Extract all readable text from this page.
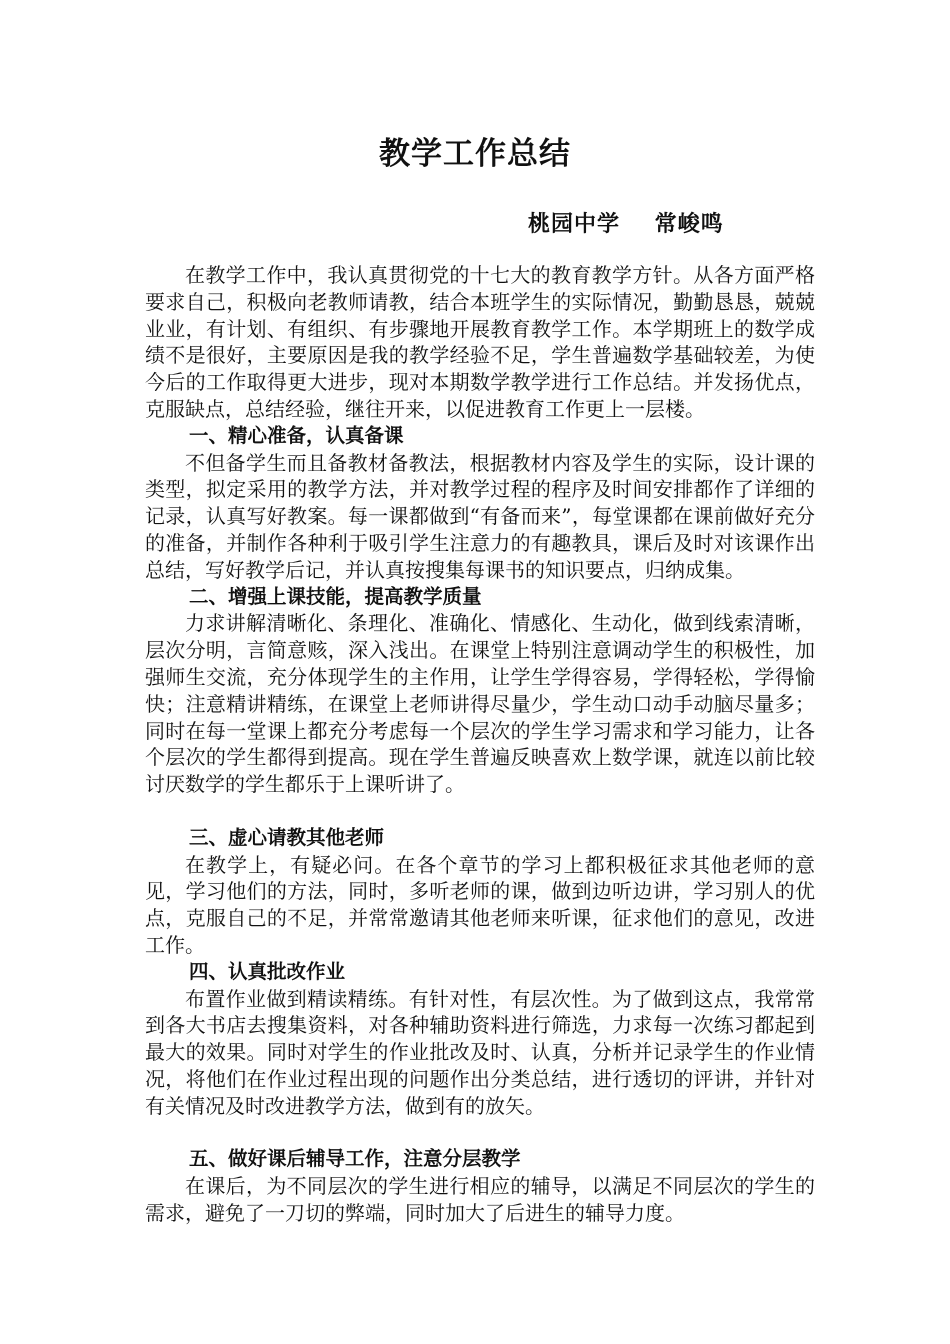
教学工作总结
桃园中学    常峻鸣

在教学工作中，我认真贯彻党的十七大的教育教学方针。从各方面严格要求自己，积极向老教师请教，结合本班学生的实际情况，勤勤恳恳，兢兢业业，有计划、有组织、有步骤地开展教育教学工作。本学期班上的数学成绩不是很好，主要原因是我的教学经验不足，学生普遍数学基础较差，为使今后的工作取得更大进步，现对本期数学教学进行工作总结。并发扬优点，克服缺点，总结经验，继往开来，以促进教育工作更上一层楼。

一、精心准备，认真备课

不但备学生而且备教材备教法，根据教材内容及学生的实际，设计课的类型，拟定采用的教学方法，并对教学过程的程序及时间安排都作了详细的记录，认真写好教案。每一课都做到“有备而来”，每堂课都在课前做好充分的准备，并制作各种利于吸引学生注意力的有趣教具，课后及时对该课作出总结，写好教学后记，并认真按搜集每课书的知识要点，归纳成集。

二、增强上课技能，提高教学质量

力求讲解清晰化、条理化、准确化、情感化、生动化，做到线索清晰，层次分明，言简意赅，深入浅出。在课堂上特别注意调动学生的积极性，加强师生交流，充分体现学生的主作用，让学生学得容易，学得轻松，学得愉快；注意精讲精练，在课堂上老师讲得尽量少，学生动口动手动脑尽量多；同时在每一堂课上都充分考虑每一个层次的学生学习需求和学习能力，让各个层次的学生都得到提高。现在学生普遍反映喜欢上数学课，就连以前比较讨厌数学的学生都乐于上课听讲了。

三、虚心请教其他老师

在教学上，有疑必问。在各个章节的学习上都积极征求其他老师的意见，学习他们的方法，同时，多听老师的课，做到边听边讲，学习别人的优点，克服自己的不足，并常常邀请其他老师来听课，征求他们的意见，改进工作。

四、认真批改作业

布置作业做到精读精练。有针对性，有层次性。为了做到这点，我常常到各大书店去搜集资料，对各种辅助资料进行筛选，力求每一次练习都起到最大的效果。同时对学生的作业批改及时、认真，分析并记录学生的作业情况，将他们在作业过程出现的问题作出分类总结，进行透切的评讲，并针对有关情况及时改进教学方法，做到有的放矢。

五、做好课后辅导工作，注意分层教学

在课后，为不同层次的学生进行相应的辅导，以满足不同层次的学生的需求，避免了一刀切的弊端，同时加大了后进生的辅导力度。
